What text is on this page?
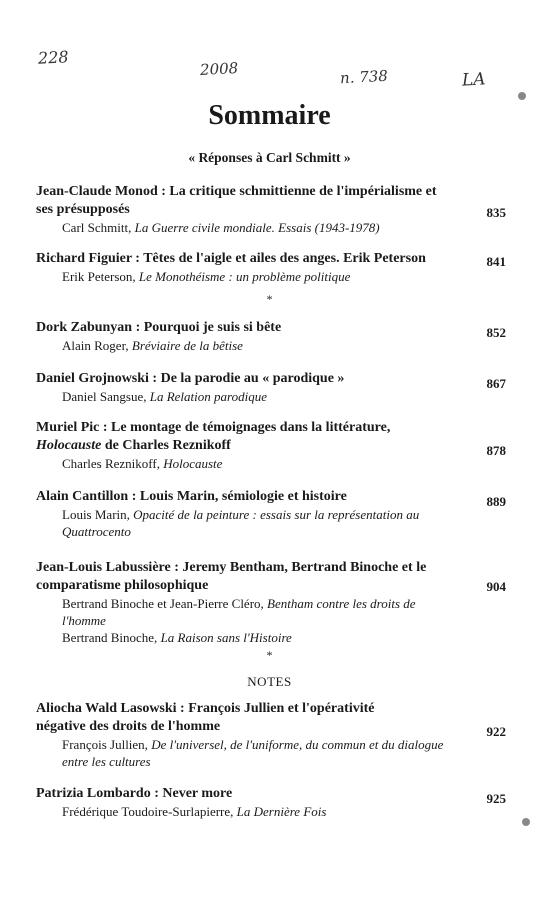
228
2008	n. 738	LA
Sommaire
« Réponses à Carl Schmitt »
Jean-Claude Monod : La critique schmittienne de l'impérialisme et ses présupposés
Carl Schmitt, La Guerre civile mondiale. Essais (1943-1978)
835
Richard Figuier : Têtes de l'aigle et ailes des anges. Erik Peterson
Erik Peterson, Le Monothéisme : un problème politique
841
*
Dork Zabunyan : Pourquoi je suis si bête
Alain Roger, Bréviaire de la bêtise
852
Daniel Grojnowski : De la parodie au « parodique »
Daniel Sangsue, La Relation parodique
867
Muriel Pic : Le montage de témoignages dans la littérature, Holocauste de Charles Reznikoff
Charles Reznikoff, Holocauste
878
Alain Cantillon : Louis Marin, sémiologie et histoire
Louis Marin, Opacité de la peinture : essais sur la représentation au Quattrocento
889
Jean-Louis Labussière : Jeremy Bentham, Bertrand Binoche et le comparatisme philosophique
Bertrand Binoche et Jean-Pierre Cléro, Bentham contre les droits de l'homme
Bertrand Binoche, La Raison sans l'Histoire
904
*
NOTES
Aliocha Wald Lasowski : François Jullien et l'opérativité négative des droits de l'homme
François Jullien, De l'universel, de l'uniforme, du commun et du dialogue entre les cultures
922
Patrizia Lombardo : Never more
Frédérique Toudoire-Surlapierre, La Dernière Fois
925
